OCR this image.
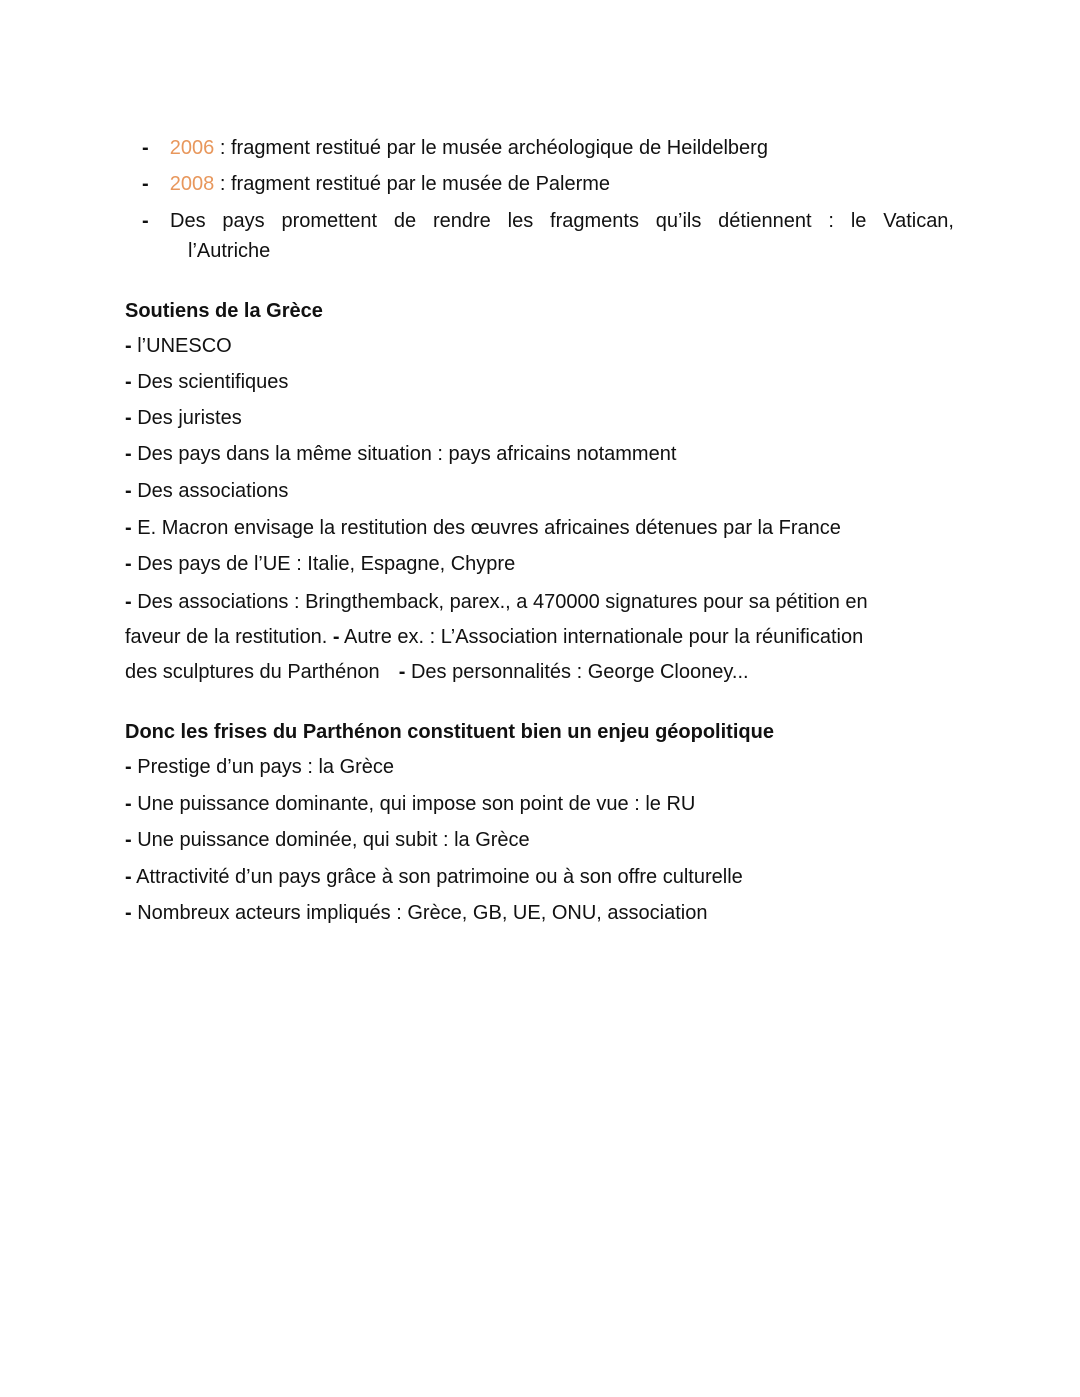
- 2006 : fragment restitué par le musée archéologique de Heildelberg
- 2008 : fragment restitué par le musée de Palerme
- Des pays promettent de rendre les fragments qu’ils détiennent : le Vatican,
l’Autriche
Soutiens de la Grèce
- l’UNESCO
- Des scientifiques
- Des juristes
- Des pays dans la même situation : pays africains notamment
- Des associations
- E. Macron envisage la restitution des œuvres africaines détenues par la France
- Des pays de l’UE : Italie, Espagne, Chypre
- Des associations : Bringthemback, parex., a 470000 signatures pour sa pétition en
faveur de la restitution. - Autre ex. : L’Association internationale pour la réunification
des sculptures du Parthénon - Des personnalités : George Clooney...
Donc les frises du Parthénon constituent bien un enjeu géopolitique
- Prestige d’un pays : la Grèce
- Une puissance dominante, qui impose son point de vue : le RU
- Une puissance dominée, qui subit : la Grèce
- Attractivité d’un pays grâce à son patrimoine ou à son offre culturelle
- Nombreux acteurs impliqués : Grèce, GB, UE, ONU, association
